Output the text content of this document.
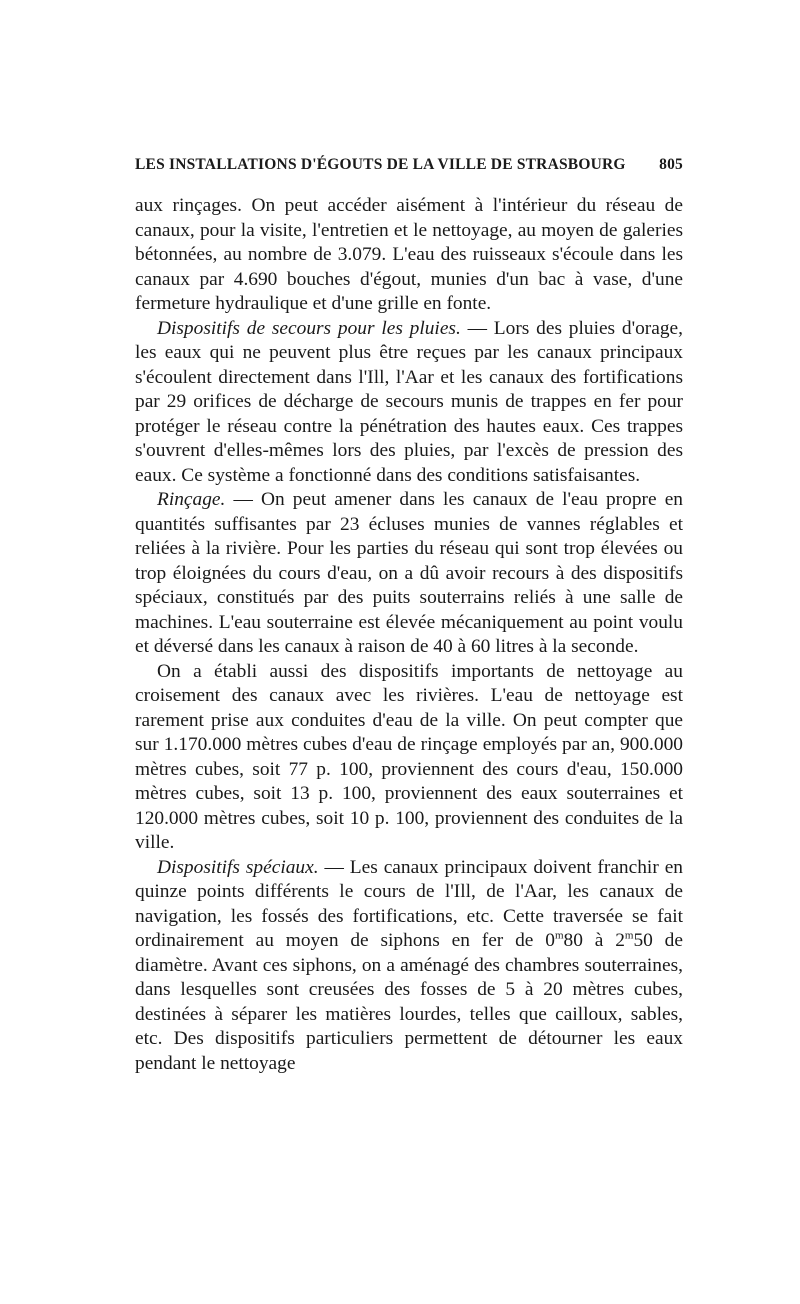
LES INSTALLATIONS D'ÉGOUTS DE LA VILLE DE STRASBOURG 805

aux rinçages. On peut accéder aisément à l'intérieur du réseau de canaux, pour la visite, l'entretien et le nettoyage, au moyen de galeries bétonnées, au nombre de 3.079. L'eau des ruisseaux s'écoule dans les canaux par 4.690 bouches d'égout, munies d'un bac à vase, d'une fermeture hydraulique et d'une grille en fonte.

Dispositifs de secours pour les pluies. — Lors des pluies d'orage, les eaux qui ne peuvent plus être reçues par les canaux principaux s'écoulent directement dans l'Ill, l'Aar et les canaux des fortifications par 29 orifices de décharge de secours munis de trappes en fer pour protéger le réseau contre la pénétration des hautes eaux. Ces trappes s'ouvrent d'elles-mêmes lors des pluies, par l'excès de pression des eaux. Ce système a fonctionné dans des conditions satisfaisantes.

Rinçage. — On peut amener dans les canaux de l'eau propre en quantités suffisantes par 23 écluses munies de vannes réglables et reliées à la rivière. Pour les parties du réseau qui sont trop élevées ou trop éloignées du cours d'eau, on a dû avoir recours à des dispositifs spéciaux, constitués par des puits souterrains reliés à une salle de machines. L'eau souterraine est élevée mécaniquement au point voulu et déversé dans les canaux à raison de 40 à 60 litres à la seconde.

On a établi aussi des dispositifs importants de nettoyage au croisement des canaux avec les rivières. L'eau de nettoyage est rarement prise aux conduites d'eau de la ville. On peut compter que sur 1.170.000 mètres cubes d'eau de rinçage employés par an, 900.000 mètres cubes, soit 77 p. 100, proviennent des cours d'eau, 150.000 mètres cubes, soit 13 p. 100, proviennent des eaux souterraines et 120.000 mètres cubes, soit 10 p. 100, proviennent des conduites de la ville.

Dispositifs spéciaux. — Les canaux principaux doivent franchir en quinze points différents le cours de l'Ill, de l'Aar, les canaux de navigation, les fossés des fortifications, etc. Cette traversée se fait ordinairement au moyen de siphons en fer de 0$^m$80 à 2$^m$50 de diamètre. Avant ces siphons, on a aménagé des chambres souterraines, dans lesquelles sont creusées des fosses de 5 à 20 mètres cubes, destinées à séparer les matières lourdes, telles que cailloux, sables, etc. Des dispositifs particuliers permettent de détourner les eaux pendant le nettoyage
